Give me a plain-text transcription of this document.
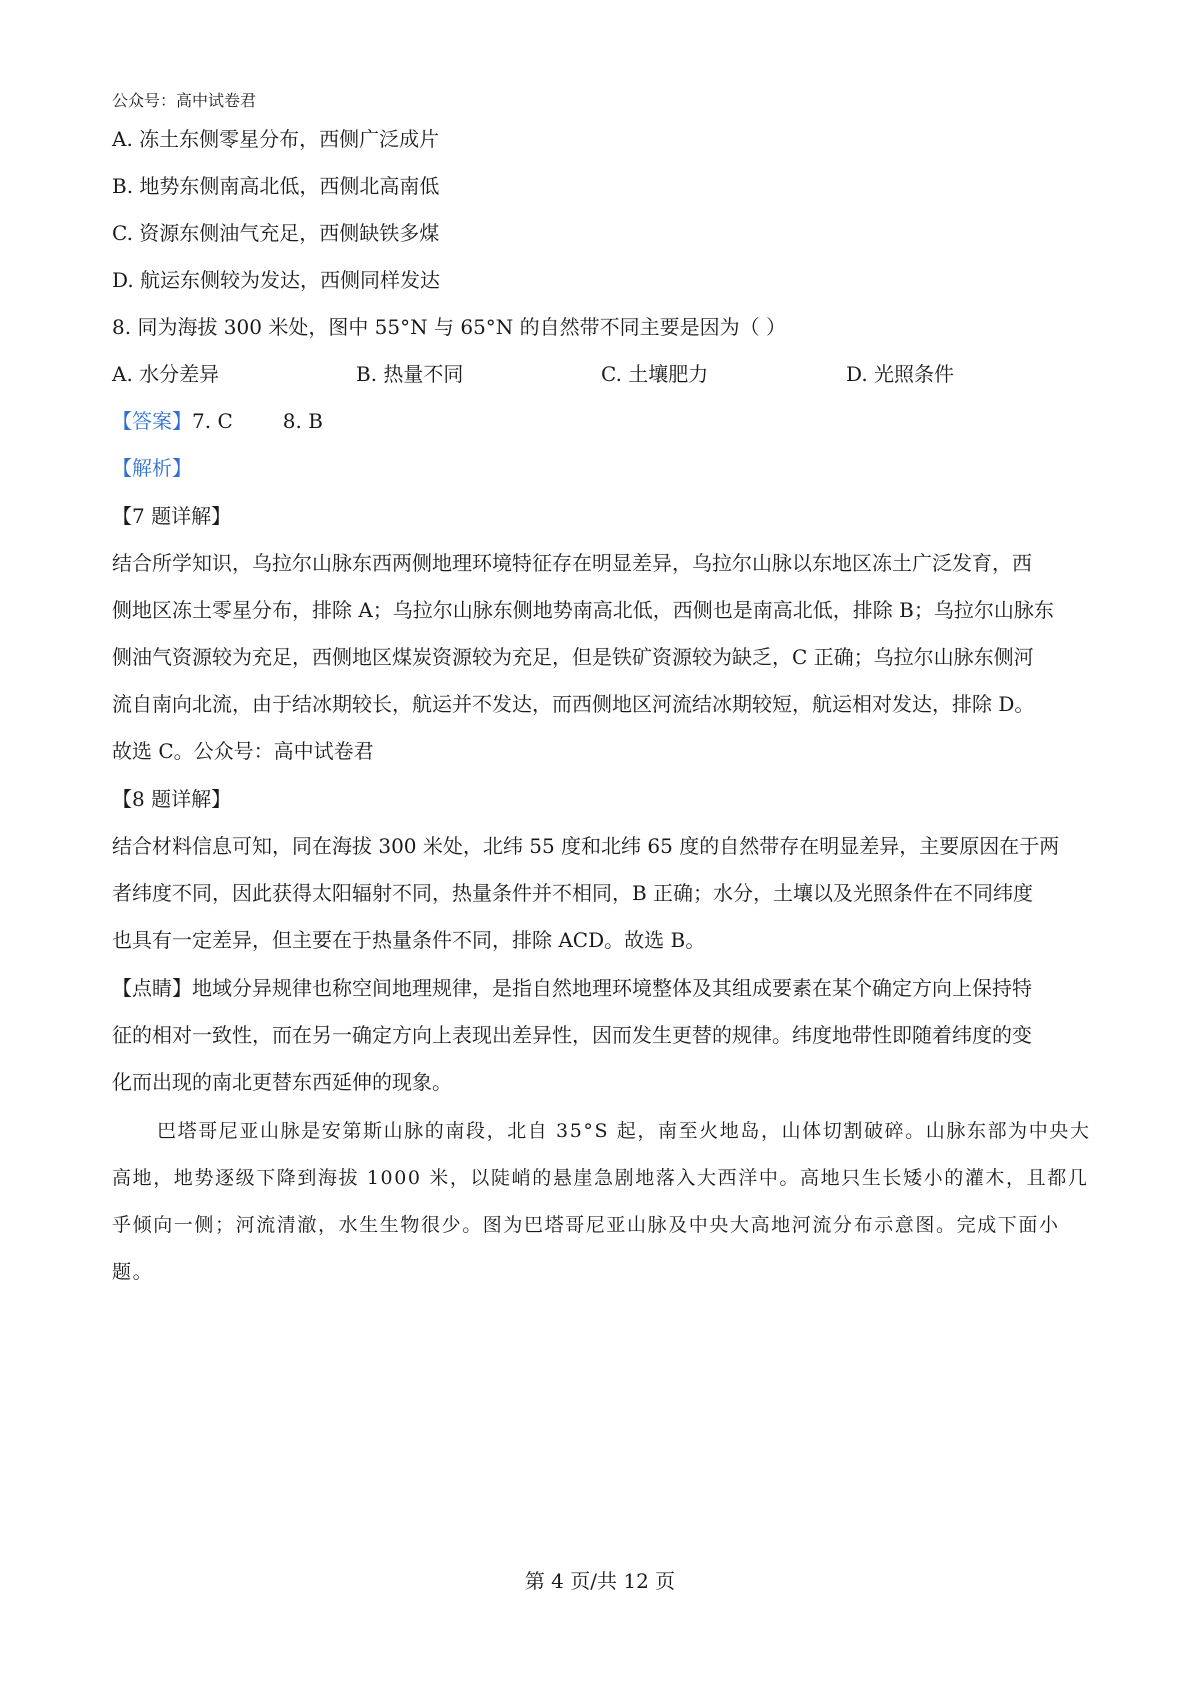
公众号：高中试卷君
A. 冻土东侧零星分布，西侧广泛成片
B. 地势东侧南高北低，西侧北高南低
C. 资源东侧油气充足，西侧缺铁多煤
D. 航运东侧较为发达，西侧同样发达
8. 同为海拔 300 米处，图中 55°N 与 65°N 的自然带不同主要是因为（ ）
A. 水分差异	B. 热量不同	C. 土壤肥力	D. 光照条件
【答案】7. C	8. B
【解析】
【7 题详解】
结合所学知识，乌拉尔山脉东西两侧地理环境特征存在明显差异，乌拉尔山脉以东地区冻土广泛发育，西
侧地区冻土零星分布，排除 A；乌拉尔山脉东侧地势南高北低，西侧也是南高北低，排除 B；乌拉尔山脉东
侧油气资源较为充足，西侧地区煤炭资源较为充足，但是铁矿资源较为缺乏，C 正确；乌拉尔山脉东侧河
流自南向北流，由于结冰期较长，航运并不发达，而西侧地区河流结冰期较短，航运相对发达，排除 D。
故选 C。公众号：高中试卷君
【8 题详解】
结合材料信息可知，同在海拔 300 米处，北纬 55 度和北纬 65 度的自然带存在明显差异，主要原因在于两
者纬度不同，因此获得太阳辐射不同，热量条件并不相同，B 正确；水分，土壤以及光照条件在不同纬度
也具有一定差异，但主要在于热量条件不同，排除 ACD。故选 B。
【点睛】地域分异规律也称空间地理规律，是指自然地理环境整体及其组成要素在某个确定方向上保持特
征的相对一致性，而在另一确定方向上表现出差异性，因而发生更替的规律。纬度地带性即随着纬度的变
化而出现的南北更替东西延伸的现象。
巴塔哥尼亚山脉是安第斯山脉的南段，北自 35°S 起，南至火地岛，山体切割破碎。山脉东部为中央大
高地，地势逐级下降到海拔 1000 米，以陡峭的悬崖急剧地落入大西洋中。高地只生长矮小的灌木，且都几
乎倾向一侧；河流清澈，水生生物很少。图为巴塔哥尼亚山脉及中央大高地河流分布示意图。完成下面小
题。
第 4 页/共 12 页
